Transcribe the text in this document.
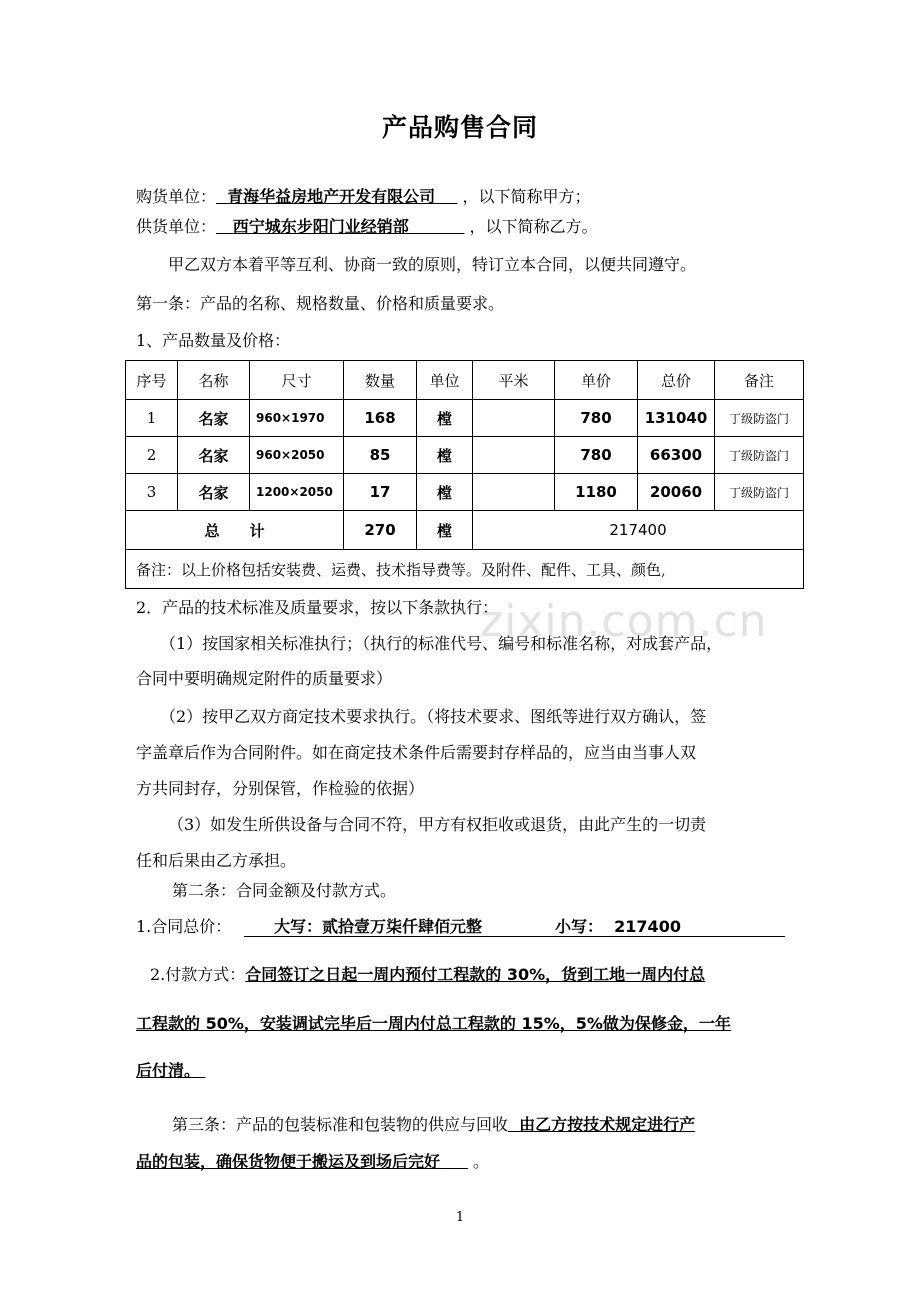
zixin.com.cn
产品购售合同
购货单位： 青海华益房地产开发有限公司 ，以下简称甲方；
供货单位： 西宁城东步阳门业经销部	，以下简称乙方。
甲乙双方本着平等互利、协商一致的原则，特订立本合同，以便共同遵守。
第一条：产品的名称、规格数量、价格和质量要求。
1、产品数量及价格：
序号	名称	尺寸	数量	单位	平米	单价	总价	备注
1	名家	960×1970	168	樘		780	131040	丁级防盗门
2	名家	960×2050	85	樘		780	66300	丁级防盗门
3	名家	1200×2050	17	樘		1180	20060	丁级防盗门
总　　计			270	樘	217400			
备注：以上价格包括安装费、运费、技术指导费等。及附件、配件、工具、颜色,								
2．产品的技术标准及质量要求，按以下条款执行：
（1）按国家相关标准执行；（执行的标准代号、编号和标准名称，对成套产品，
合同中要明确规定附件的质量要求）
（2）按甲乙双方商定技术要求执行。（将技术要求、图纸等进行双方确认，签
字盖章后作为合同附件。如在商定技术条件后需要封存样品的，应当由当事人双
方共同封存，分别保管，作检验的依据）
（3）如发生所供设备与合同不符，甲方有权拒收或退货，由此产生的一切责
任和后果由乙方承担。
第二条：合同金额及付款方式。
1.合同总价：	大写：贰拾壹万柒仟肆佰元整	小写： 217400
2.付款方式：合同签订之日起一周内预付工程款的 30%，货到工地一周内付总
工程款的 50%，安装调试完毕后一周内付总工程款的 15%，5%做为保修金，一年
后付清。
第三条：产品的包装标准和包装物的供应与回收 由乙方按技术规定进行产
品的包装，确保货物便于搬运及到场后完好 。
1
